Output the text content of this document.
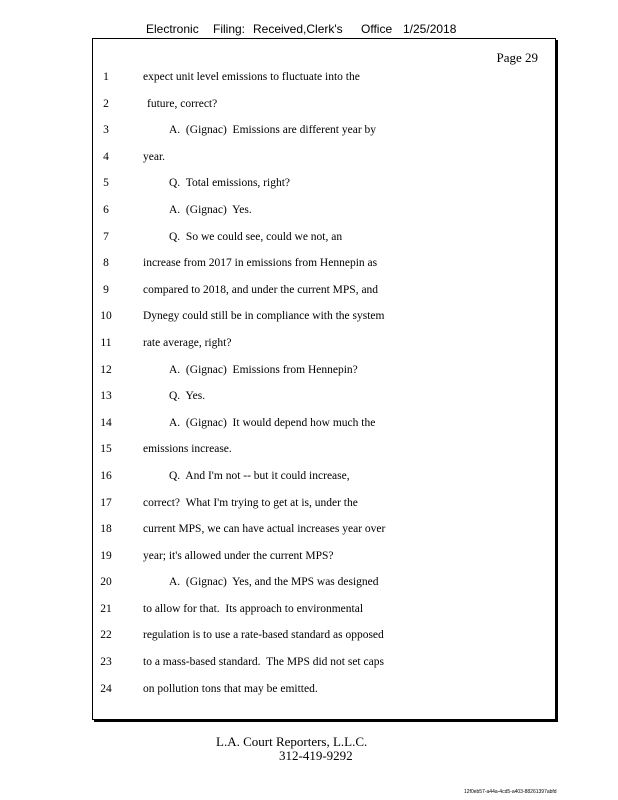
Electronic Filing: Received,Clerk's Office 1/25/2018
Page 29
1	expect unit level emissions to fluctuate into the
2	future, correct?
3	A.  (Gignac)  Emissions are different year by
4	year.
5	Q.  Total emissions, right?
6	A.  (Gignac)  Yes.
7	Q.  So we could see, could we not, an
8	increase from 2017 in emissions from Hennepin as
9	compared to 2018, and under the current MPS, and
10	Dynegy could still be in compliance with the system
11	rate average, right?
12	A.  (Gignac)  Emissions from Hennepin?
13	Q.  Yes.
14	A.  (Gignac)  It would depend how much the
15	emissions increase.
16	Q.  And I'm not -- but it could increase,
17	correct?  What I'm trying to get at is, under the
18	current MPS, we can have actual increases year over
19	year; it's allowed under the current MPS?
20	A.  (Gignac)  Yes, and the MPS was designed
21	to allow for that.  Its approach to environmental
22	regulation is to use a rate-based standard as opposed
23	to a mass-based standard.  The MPS did not set caps
24	on pollution tons that may be emitted.
L.A. Court Reporters, L.L.C.
312-419-9292
12f0eb57-a44a-4cd5-a403-8826139​7abfd
